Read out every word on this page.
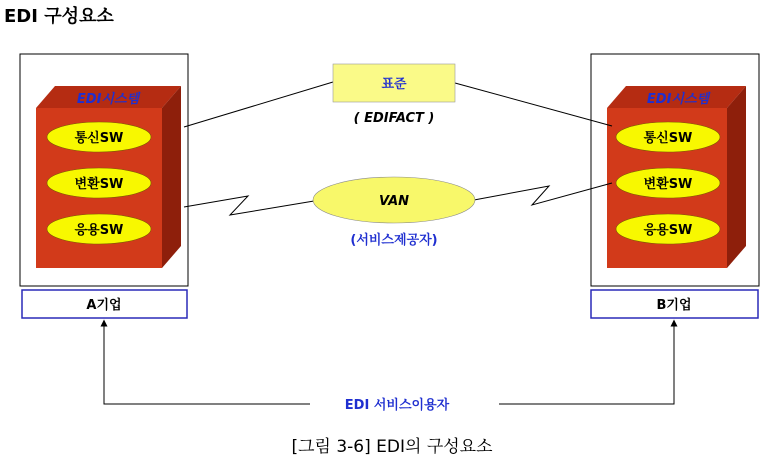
EDI 구성요소
EDI시스템
통신SW
변환SW
응용SW
A기업
EDI시스템
통신SW
변환SW
응용SW
B기업
표준
( EDIFACT )
VAN
(서비스제공자)
EDI 서비스이용자
[그림 3-6] EDI의 구성요소
